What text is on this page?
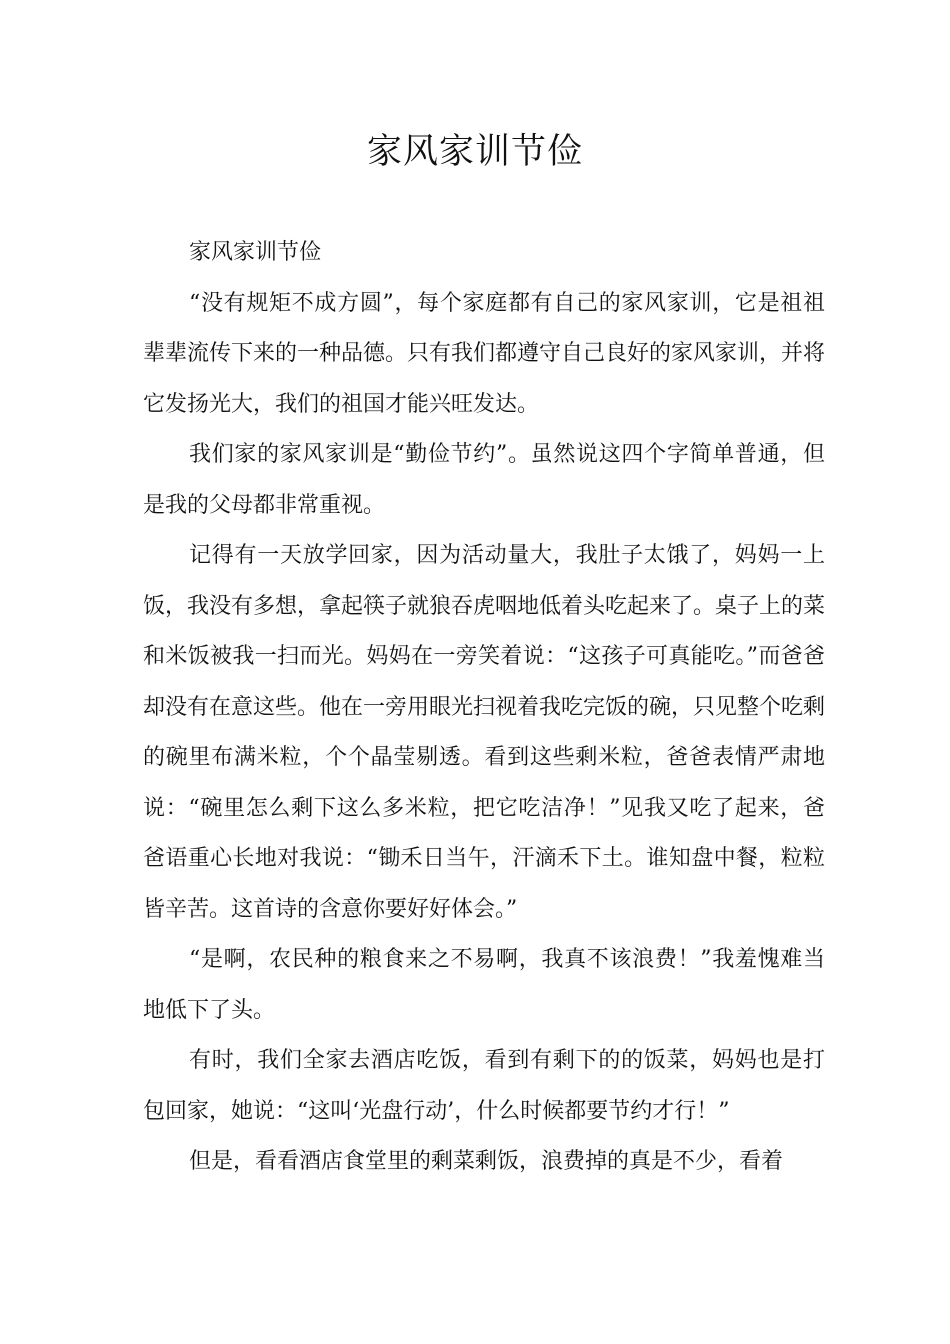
家风家训节俭

家风家训节俭

“没有规矩不成方圆”，每个家庭都有自己的家风家训，它是祖祖辈辈流传下来的一种品德。只有我们都遵守自己良好的家风家训，并将它发扬光大，我们的祖国才能兴旺发达。

我们家的家风家训是“勤俭节约”。虽然说这四个字简单普通，但是我的父母都非常重视。

记得有一天放学回家，因为活动量大，我肚子太饿了，妈妈一上饭，我没有多想，拿起筷子就狼吞虎咽地低着头吃起来了。桌子上的菜和米饭被我一扫而光。妈妈在一旁笑着说：“这孩子可真能吃。”而爸爸却没有在意这些。他在一旁用眼光扫视着我吃完饭的碗，只见整个吃剩的碗里布满米粒，个个晶莹剔透。看到这些剩米粒，爸爸表情严肃地说：“碗里怎么剩下这么多米粒，把它吃洁净！”见我又吃了起来，爸爸语重心长地对我说：“锄禾日当午，汗滴禾下土。谁知盘中餐，粒粒皆辛苦。这首诗的含意你要好好体会。”

“是啊，农民种的粮食来之不易啊，我真不该浪费！”我羞愧难当地低下了头。

有时，我们全家去酒店吃饭，看到有剩下的的饭菜，妈妈也是打包回家，她说：“这叫‘光盘行动’，什么时候都要节约才行！”

但是，看看酒店食堂里的剩菜剩饭，浪费掉的真是不少，看着
